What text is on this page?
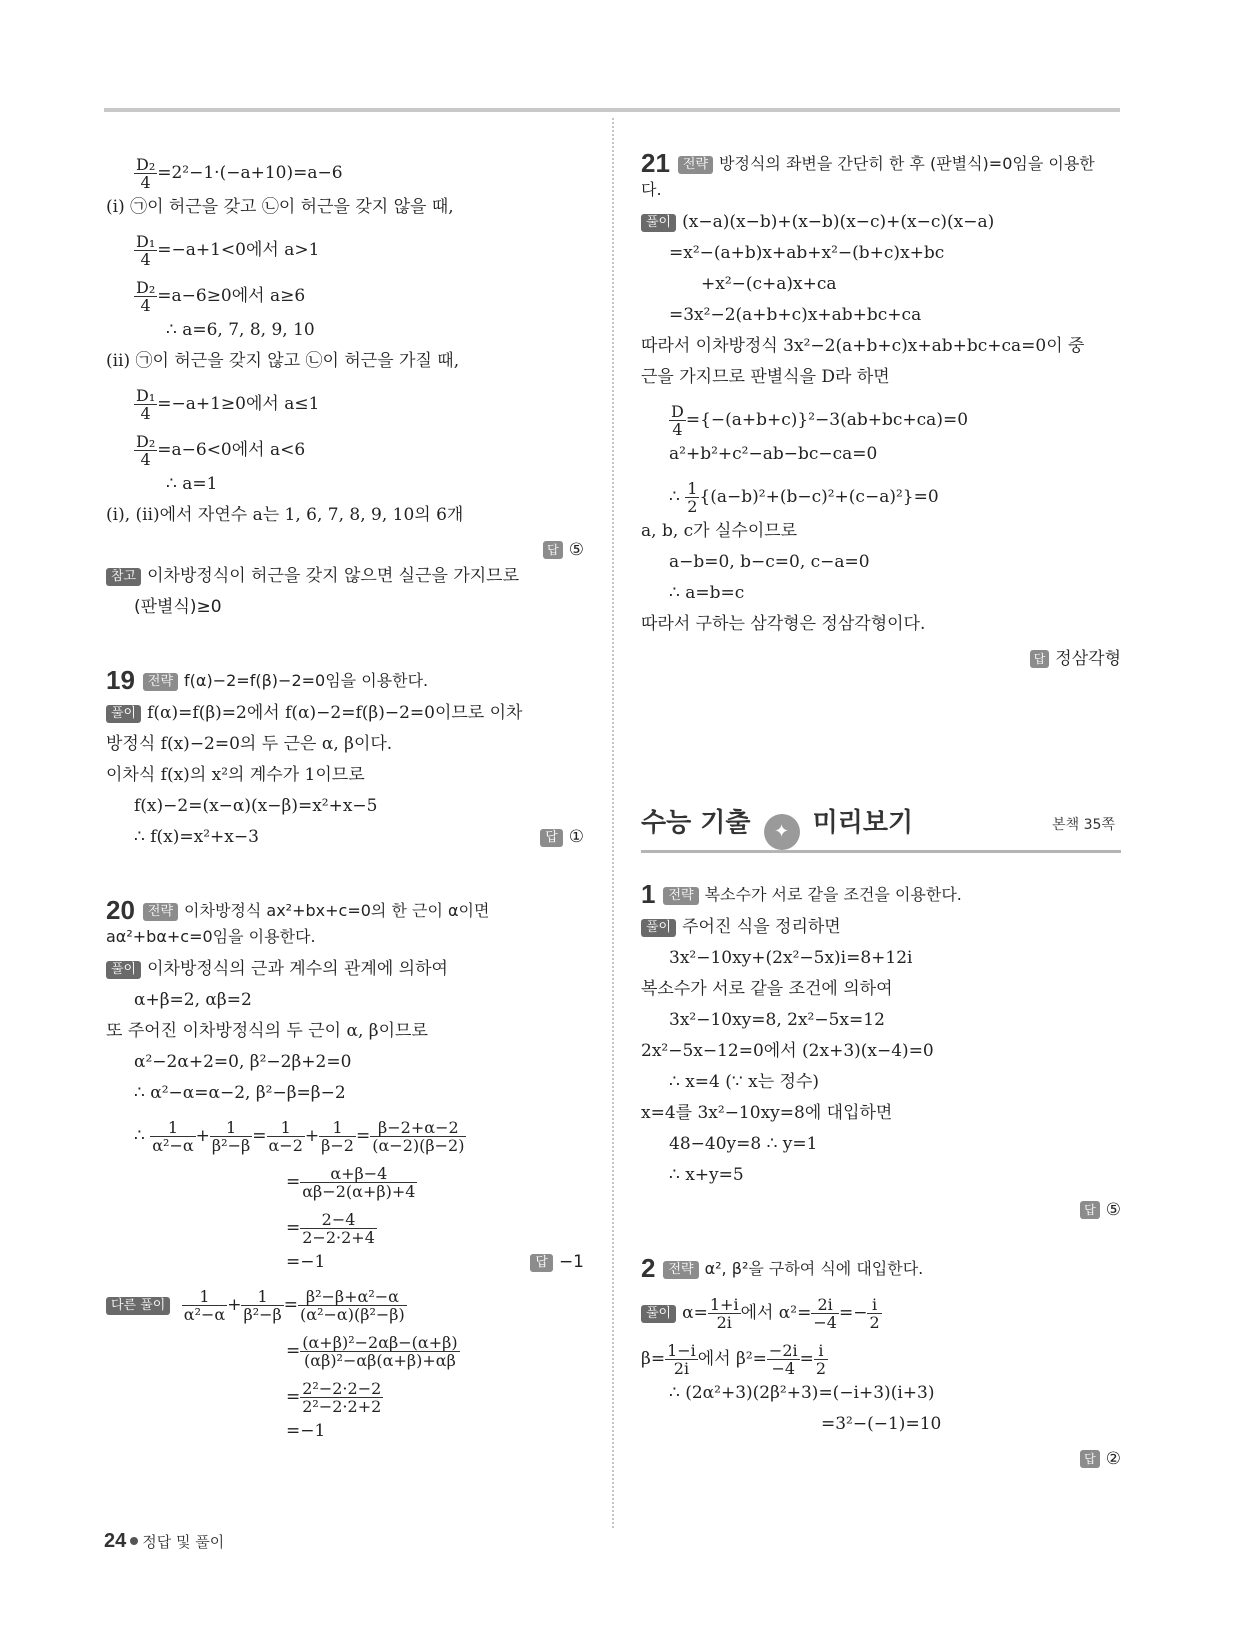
$\frac{\text{D₂}}{4} =2^2-1\cdot(-a+10)=a-6$
(ⅰ) ㉠이 허근을 갖고 ㉡이 허근을 갖지 않을 때,
$\frac{\text{D₁}}{4} =-a+1<0$에서 a>1
$\frac{\text{D₂}}{4} =a-6\ge 0$에서 a≥6
∴ a=6, 7, 8, 9, 10
(ⅱ) ㉠이 허근을 갖지 않고 ㉡이 허근을 가질 때,
$\frac{\text{D₁}}{4} =-a+1\ge 0$에서 a≤1
$\frac{\text{D₂}}{4} =a-6<0$에서 a<6
∴ a=1
(ⅰ), (ⅱ)에서 자연수 a는 1, 6, 7, 8, 9, 10의 6개
답 ⑤
참고 이차방정식이 허근을 갖지 않으면 실근을 가지므로
(판별식)≥0
19 전략 f(α)−2=f(β)−2=0임을 이용한다.
풀이 f(α)=f(β)=2에서 f(α)−2=f(β)−2=0이므로 이차
방정식 f(x)−2=0의 두 근은 α, β이다.
이차식 f(x)의 x²의 계수가 1이므로
f(x)−2=(x−α)(x−β)=x²+x−5
∴ f(x)=x²+x−3	답 ①
20 전략 이차방정식 ax²+bx+c=0의 한 근이 α이면
aα²+bα+c=0임을 이용한다.
풀이 이차방정식의 근과 계수의 관계에 의하여
α+β=2, αβ=2
또 주어진 이차방정식의 두 근이 α, β이므로
α²−2α+2=0, β²−2β+2=0
∴ α²−α=α−2, β²−β=β−2
∴ $\frac{1}{\text{α²−α}} + \frac{1}{\text{β²−β}} = \frac{1}{\alpha-2} + \frac{1}{\beta-2} = \frac{\beta-2+\alpha-2}{(\alpha-2)(\beta-2)}$
= $\frac{\alpha+\beta-4}{\alpha\beta-2(\alpha+\beta)+4}$
= $\frac{2-4}{2-2\cdot 2+4}$
=−1	답 −1
다른 풀이 $\frac{1}{\text{α²−α}} + \frac{1}{\text{β²−β}} = \frac{\text{β²−β+α²−α}}{\text{(α²−α)(β²−β)}}$
= $\frac{\text{(α+β)²−2αβ−(α+β)}}{\text{(αβ)²−αβ(α+β)+αβ}}$
= $\frac{\text{2²−2·2−2}}{\text{2²−2·2+2}}$
=−1
21 전략 방정식의 좌변을 간단히 한 후 (판별식)=0임을 이용한
다.
풀이 (x−a)(x−b)+(x−b)(x−c)+(x−c)(x−a)
=x²−(a+b)x+ab+x²−(b+c)x+bc
+x²−(c+a)x+ca
=3x²−2(a+b+c)x+ab+bc+ca
따라서 이차방정식 3x²−2(a+b+c)x+ab+bc+ca=0이 중
근을 가지므로 판별식을 D라 하면
$\frac{D}{4} =\{-(a+b+c)\}^2-3(ab+bc+ca)=0$
a²+b²+c²−ab−bc−ca=0
∴ $\frac{1}{2} \{(a-b)^2+(b-c)^2+(c-a)^2\}=0$
a, b, c가 실수이므로
a−b=0, b−c=0, c−a=0
∴ a=b=c
따라서 구하는 삼각형은 정삼각형이다.
답 정삼각형
수능 기출 ✦ 미리보기	본책 35쪽
1 전략 복소수가 서로 같을 조건을 이용한다.
풀이 주어진 식을 정리하면
3x²−10xy+(2x²−5x)i=8+12i
복소수가 서로 같을 조건에 의하여
3x²−10xy=8, 2x²−5x=12
2x²−5x−12=0에서 (2x+3)(x−4)=0
∴ x=4 (∵ x는 정수)
x=4를 3x²−10xy=8에 대입하면
48−40y=8 ∴ y=1
∴ x+y=5
답 ⑤
2 전략 α², β²을 구하여 식에 대입한다.
풀이 $\alpha= \frac{1+i}{2i}$ 에서 $\alpha^2= \frac{2i}{-4} =- \frac{i}{2}$
$\beta= \frac{1-i}{2i}$ 에서 $\beta^2= \frac{-2i}{-4} = \frac{i}{2}$
∴ (2α²+3)(2β²+3)=(−i+3)(i+3)
=3²−(−1)=10
답 ②
24 정답 및 풀이
